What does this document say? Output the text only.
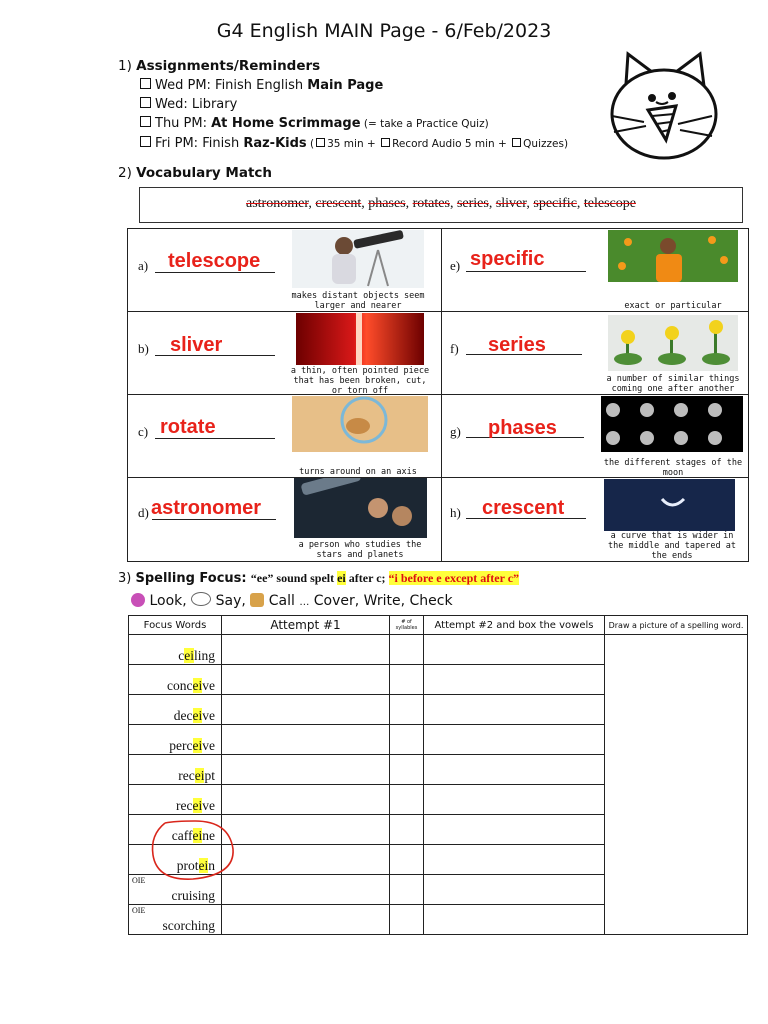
G4 English MAIN Page - 6/Feb/2023
1) Assignments/Reminders
Wed PM: Finish English Main Page
Wed: Library
Thu PM: At Home Scrimmage (= take a Practice Quiz)
Fri PM: Finish Raz-Kids ( 35 min + Record Audio 5 min + Quizzes)
2) Vocabulary Match
astronomer, crescent, phases, rotates, series, sliver, specific, telescope
a) telescope
makes distant objects seem larger and nearer
b) sliver
a thin, often pointed piece that has been broken, cut, or torn off
c) rotate
turns around on an axis
d) astronomer
a person who studies the stars and planets
e) specific
exact or particular
f) series
a number of similar things coming one after another
g) phases
the different stages of the moon
h) crescent
a curve that is wider in the middle and tapered at the ends
3) Spelling Focus: “ee” sound spelt ei after c; “i before e except after c”
Look, Say, Call … Cover, Write, Check
Focus Words	Attempt #1	# of syllables	Attempt #2 and box the vowels	Draw a picture of a spelling word.
ceiling				
conceive				
deceive				
perceive				
receipt				
receive				
caffeine				
protein				

OIE
cruising				

OIE
scorching				
